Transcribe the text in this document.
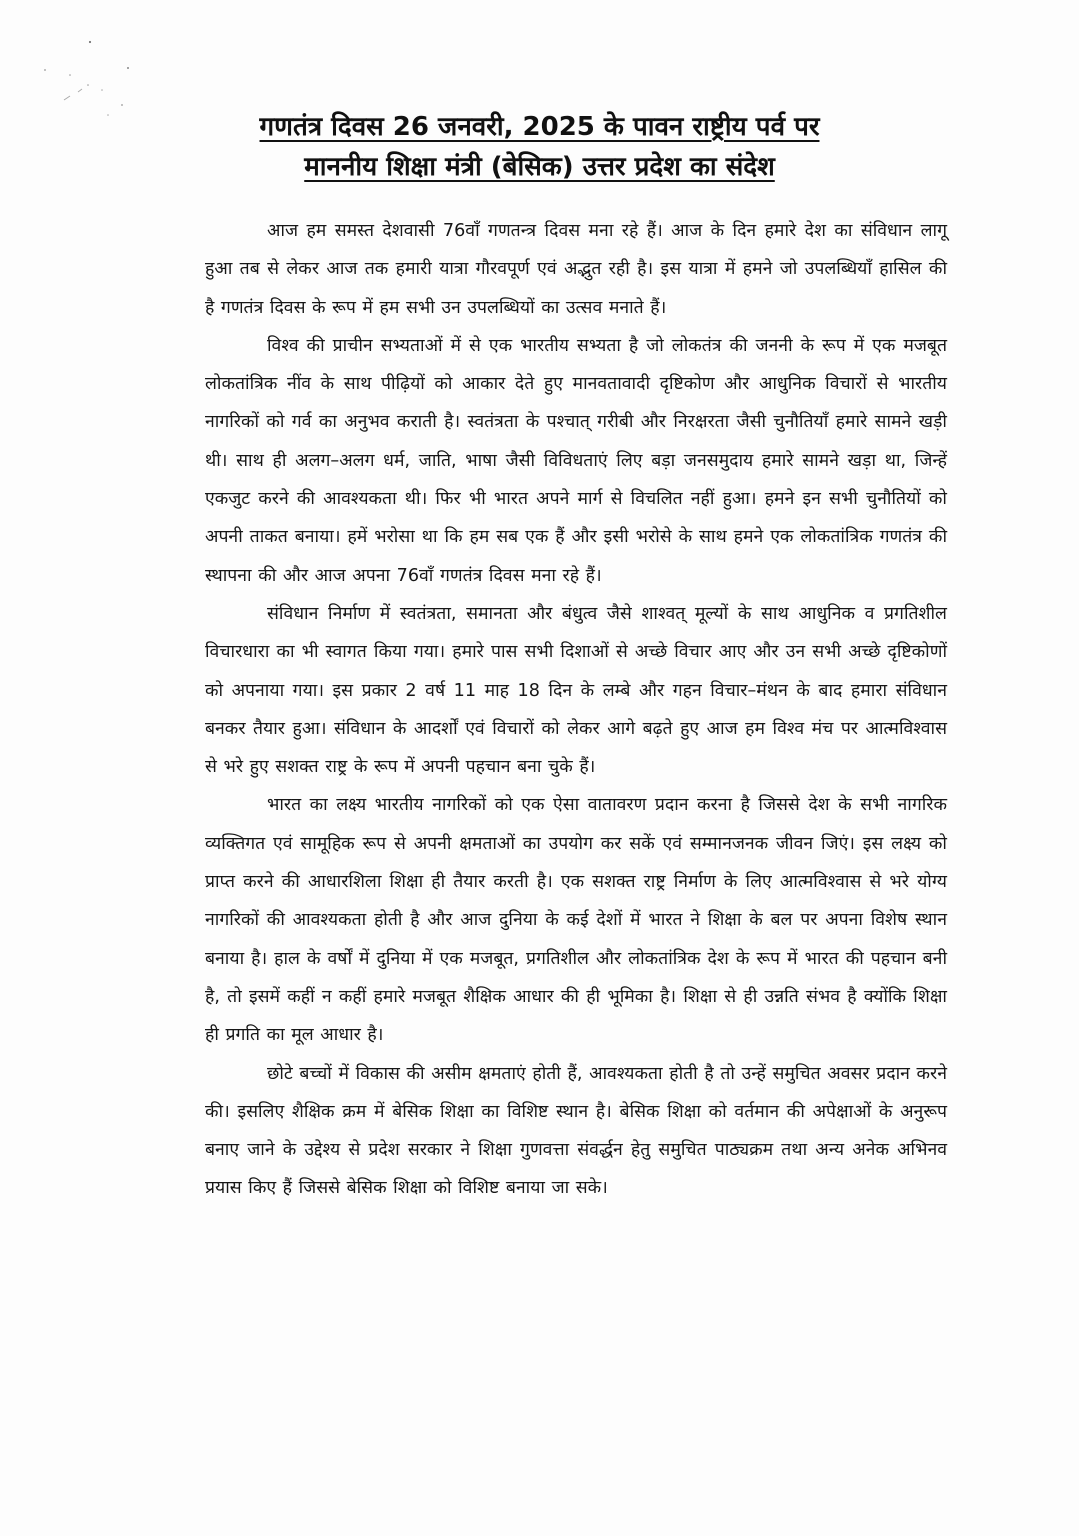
गणतंत्र दिवस 26 जनवरी, 2025 के पावन राष्ट्रीय पर्व पर
माननीय शिक्षा मंत्री (बेसिक) उत्तर प्रदेश का संदेश

आज हम समस्त देशवासी 76वाँ गणतन्त्र दिवस मना रहे हैं। आज के दिन हमारे देश का संविधान लागू हुआ तब से लेकर आज तक हमारी यात्रा गौरवपूर्ण एवं अद्भुत रही है। इस यात्रा में हमने जो उपलब्धियाँ हासिल की है गणतंत्र दिवस के रूप में हम सभी उन उपलब्धियों का उत्सव मनाते हैं।

विश्व की प्राचीन सभ्यताओं में से एक भारतीय सभ्यता है जो लोकतंत्र की जननी के रूप में एक मजबूत लोकतांत्रिक नींव के साथ पीढ़ियों को आकार देते हुए मानवतावादी दृष्टिकोण और आधुनिक विचारों से भारतीय नागरिकों को गर्व का अनुभव कराती है। स्वतंत्रता के पश्चात् गरीबी और निरक्षरता जैसी चुनौतियाँ हमारे सामने खड़ी थी। साथ ही अलग–अलग धर्म, जाति, भाषा जैसी विविधताएं लिए बड़ा जनसमुदाय हमारे सामने खड़ा था, जिन्हें एकजुट करने की आवश्यकता थी। फिर भी भारत अपने मार्ग से विचलित नहीं हुआ। हमने इन सभी चुनौतियों को अपनी ताकत बनाया। हमें भरोसा था कि हम सब एक हैं और इसी भरोसे के साथ हमने एक लोकतांत्रिक गणतंत्र की स्थापना की और आज अपना 76वाँ गणतंत्र दिवस मना रहे हैं।

संविधान निर्माण में स्वतंत्रता, समानता और बंधुत्व जैसे शाश्वत् मूल्यों के साथ आधुनिक व प्रगतिशील विचारधारा का भी स्वागत किया गया। हमारे पास सभी दिशाओं से अच्छे विचार आए और उन सभी अच्छे दृष्टिकोणों को अपनाया गया। इस प्रकार 2 वर्ष 11 माह 18 दिन के लम्बे और गहन विचार–मंथन के बाद हमारा संविधान बनकर तैयार हुआ। संविधान के आदर्शों एवं विचारों को लेकर आगे बढ़ते हुए आज हम विश्व मंच पर आत्मविश्वास से भरे हुए सशक्त राष्ट्र के रूप में अपनी पहचान बना चुके हैं।

भारत का लक्ष्य भारतीय नागरिकों को एक ऐसा वातावरण प्रदान करना है जिससे देश के सभी नागरिक व्यक्तिगत एवं सामूहिक रूप से अपनी क्षमताओं का उपयोग कर सकें एवं सम्मानजनक जीवन जिएं। इस लक्ष्य को प्राप्त करने की आधारशिला शिक्षा ही तैयार करती है। एक सशक्त राष्ट्र निर्माण के लिए आत्मविश्वास से भरे योग्य नागरिकों की आवश्यकता होती है और आज दुनिया के कई देशों में भारत ने शिक्षा के बल पर अपना विशेष स्थान बनाया है। हाल के वर्षों में दुनिया में एक मजबूत, प्रगतिशील और लोकतांत्रिक देश के रूप में भारत की पहचान बनी है, तो इसमें कहीं न कहीं हमारे मजबूत शैक्षिक आधार की ही भूमिका है। शिक्षा से ही उन्नति संभव है क्योंकि शिक्षा ही प्रगति का मूल आधार है।

छोटे बच्चों में विकास की असीम क्षमताएं होती हैं, आवश्यकता होती है तो उन्हें समुचित अवसर प्रदान करने की। इसलिए शैक्षिक क्रम में बेसिक शिक्षा का विशिष्ट स्थान है। बेसिक शिक्षा को वर्तमान की अपेक्षाओं के अनुरूप बनाए जाने के उद्देश्य से प्रदेश सरकार ने शिक्षा गुणवत्ता संवर्द्धन हेतु समुचित पाठ्यक्रम तथा अन्य अनेक अभिनव प्रयास किए हैं जिससे बेसिक शिक्षा को विशिष्ट बनाया जा सके।
